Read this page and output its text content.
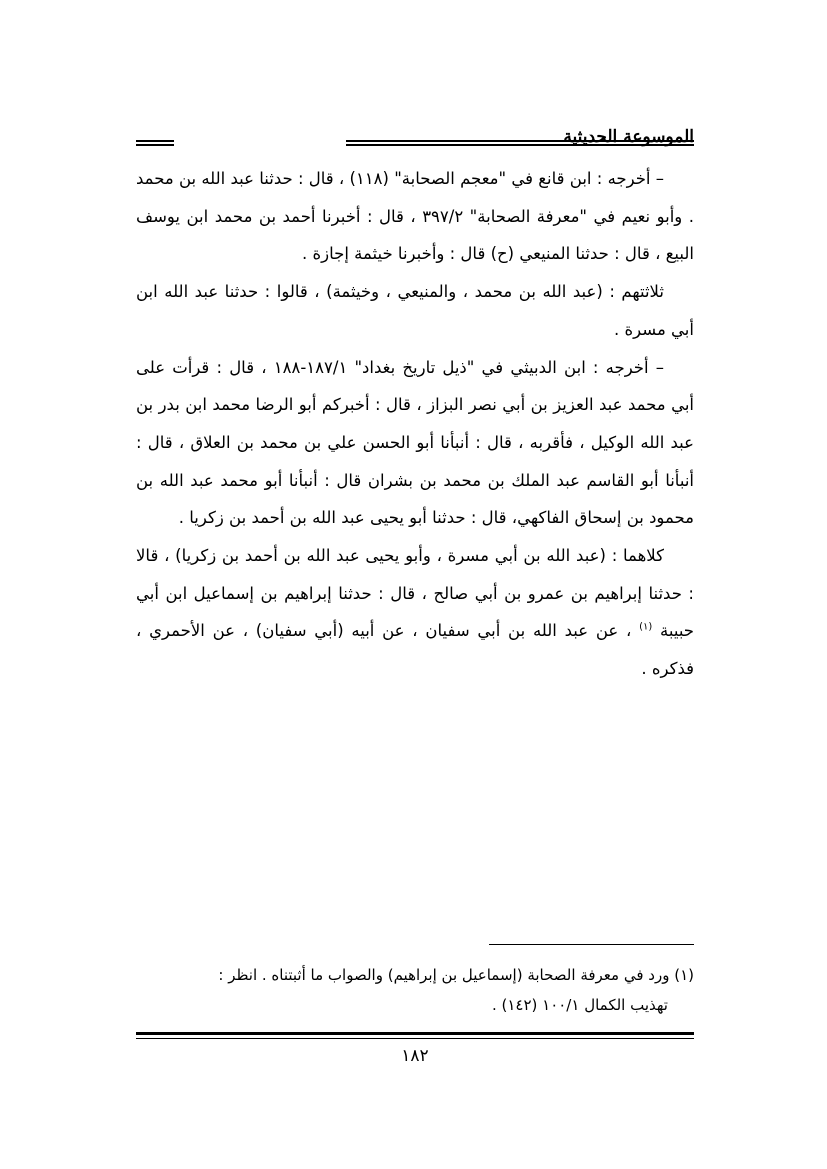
الموسوعة الحديثية

– أخرجه : ابن قانع في "معجم الصحابة" (١١٨) ، قال : حدثنا عبد الله بن محمد . وأبو نعيم في "معرفة الصحابة" ٣٩٧/٢ ، قال : أخبرنا أحمد بن محمد ابن يوسف البيع ، قال : حدثنا المنيعي (ح) قال : وأخبرنا خيثمة إجازة .

ثلاثتهم : (عبد الله بن محمد ، والمنيعي ، وخيثمة) ، قالوا : حدثنا عبد الله ابن أبي مسرة .

– أخرجه : ابن الدبيثي في "ذيل تاريخ بغداد" ١٨٧/١-١٨٨ ، قال : قرأت على أبي محمد عبد العزيز بن أبي نصر البزاز ، قال : أخبركم أبو الرضا محمد ابن بدر بن عبد الله الوكيل ، فأقربه ، قال : أنبأنا أبو الحسن علي بن محمد بن العلاق ، قال : أنبأنا أبو القاسم عبد الملك بن محمد بن بشران قال : أنبأنا أبو محمد عبد الله بن محمود بن إسحاق الفاكهي، قال : حدثنا أبو يحيى عبد الله بن أحمد بن زكريا .

كلاهما : (عبد الله بن أبي مسرة ، وأبو يحيى عبد الله بن أحمد بن زكريا) ، قالا : حدثنا إبراهيم بن عمرو بن أبي صالح ، قال : حدثنا إبراهيم بن إسماعيل ابن أبي حبيبة $^{(١)}$ ، عن عبد الله بن أبي سفيان ، عن أبيه (أبي سفيان) ، عن الأحمري ، فذكره .

(١) ورد في معرفة الصحابة (إسماعيل بن إبراهيم) والصواب ما أثبتناه . انظر :

تهذيب الكمال ١٠٠/١ (١٤٢) .

١٨٢
